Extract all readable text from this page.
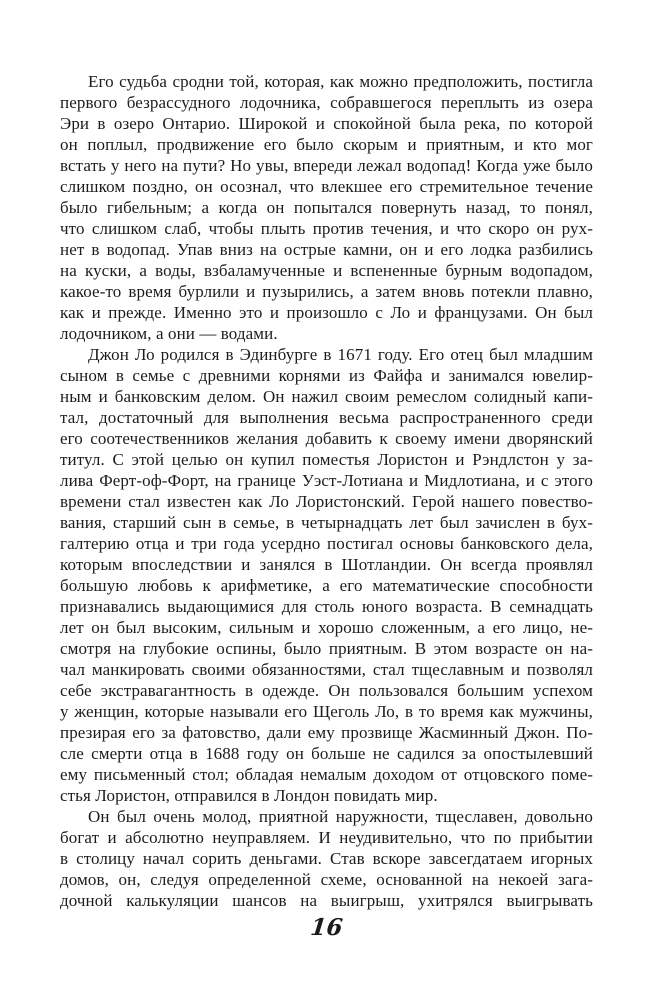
Его судьба сродни той, которая, как можно предположить, постигла
первого безрассудного лодочника, собравшегося переплыть из озера
Эри в озеро Онтарио. Широкой и спокойной была река, по которой
он поплыл, продвижение его было скорым и приятным, и кто мог
встать у него на пути? Но увы, впереди лежал водопад! Когда уже было
слишком поздно, он осознал, что влекшее его стремительное течение
было гибельным; а когда он попытался повернуть назад, то понял,
что слишком слаб, чтобы плыть против течения, и что скоро он рух-
нет в водопад. Упав вниз на острые камни, он и его лодка разбились
на куски, а воды, взбаламученные и вспененные бурным водопадом,
какое-то время бурлили и пузырились, а затем вновь потекли плавно,
как и прежде. Именно это и произошло с Ло и французами. Он был
лодочником, а они — водами.
Джон Ло родился в Эдинбурге в 1671 году. Его отец был младшим
сыном в семье с древними корнями из Файфа и занимался ювелир-
ным и банковским делом. Он нажил своим ремеслом солидный капи-
тал, достаточный для выполнения весьма распространенного среди
его соотечественников желания добавить к своему имени дворянский
титул. С этой целью он купил поместья Лористон и Рэндлстон у за-
лива Ферт-оф-Форт, на границе Уэст-Лотиана и Мидлотиана, и с этого
времени стал известен как Ло Лористонский. Герой нашего повество-
вания, старший сын в семье, в четырнадцать лет был зачислен в бух-
галтерию отца и три года усердно постигал основы банковского дела,
которым впоследствии и занялся в Шотландии. Он всегда проявлял
большую любовь к арифметике, а его математические способности
признавались выдающимися для столь юного возраста. В семнадцать
лет он был высоким, сильным и хорошо сложенным, а его лицо, не-
смотря на глубокие оспины, было приятным. В этом возрасте он на-
чал манкировать своими обязанностями, стал тщеславным и позволял
себе экстравагантность в одежде. Он пользовался большим успехом
у женщин, которые называли его Щеголь Ло, в то время как мужчины,
презирая его за фатовство, дали ему прозвище Жасминный Джон. По-
сле смерти отца в 1688 году он больше не садился за опостылевший
ему письменный стол; обладая немалым доходом от отцовского поме-
стья Лористон, отправился в Лондон повидать мир.
Он был очень молод, приятной наружности, тщеславен, довольно
богат и абсолютно неуправляем. И неудивительно, что по прибытии
в столицу начал сорить деньгами. Став вскоре завсегдатаем игорных
домов, он, следуя определенной схеме, основанной на некоей зага-
дочной калькуляции шансов на выигрыш, ухитрялся выигрывать
16
